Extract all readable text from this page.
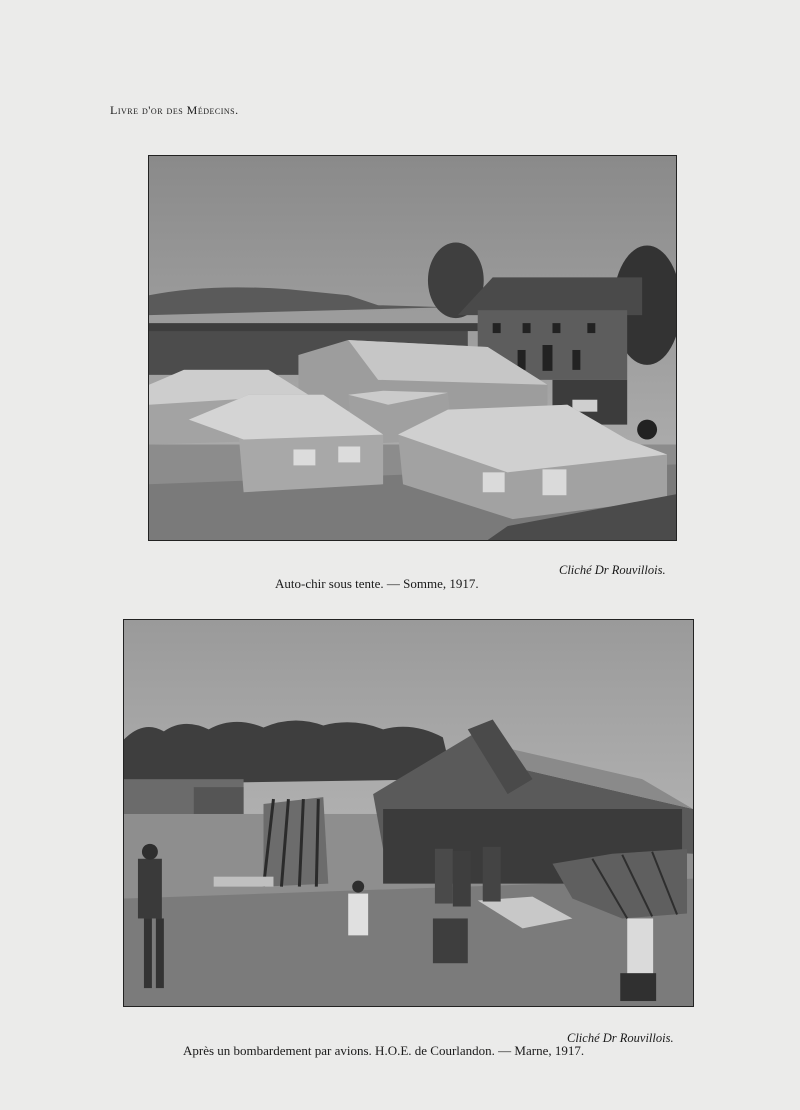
Livre d'or des Médecins.
Cliché Dr Rouvillois.
Auto-chir sous tente. — Somme, 1917.
Cliché Dr Rouvillois.
Après un bombardement par avions. H.O.E. de Courlandon. — Marne, 1917.
